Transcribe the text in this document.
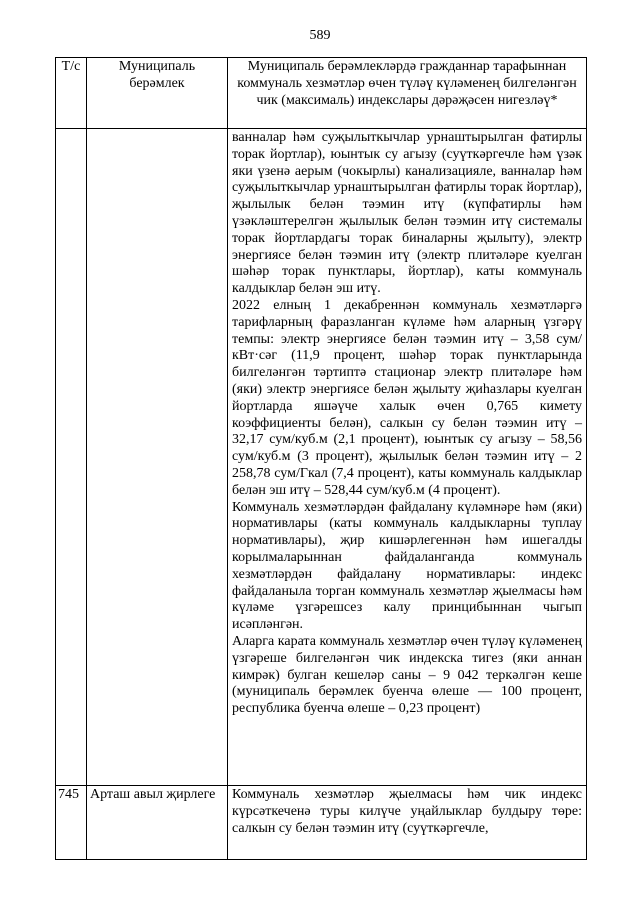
589
Т/с	Муниципаль берәмлек	Муниципаль берәмлекләрдә гражданнар тарафыннан коммуналь хезмәтләр өчен түләү күләменең билгеләнгән чик (максималь) индекслары дәрәҗәсен нигезләү*

		ванналар һәм суҗылыткычлар урнаштырылган фатирлы торак йортлар), юынтык су агызу (суүткәргечле һәм үзәк яки үзенә аерым (чокырлы) канализацияле, ванналар һәм суҗылыткычлар урнаштырылган фатирлы торак йортлар), җылылык белән тәэмин итү (күпфатирлы һәм үзәкләштерелгән җылылык белән тәэмин итү системалы торак йортлардагы торак биналарны җылыту), электр энергиясе белән тәэмин итү (электр плитәләре куелган шәһәр торак пунктлары, йортлар), каты коммуналь калдыклар белән эш итү.

2022 елның 1 декабреннән коммуналь хезмәтләргә тарифларның фаразланган күләме һәм аларның үзгәрү темпы: электр энергиясе белән тәэмин итү – 3,58 сум/кВт·сәг (11,9 процент, шәһәр торак пунктларында билгеләнгән тәртиптә стационар электр плитәләре һәм (яки) электр энергиясе белән җылыту җиһазлары куелган йортларда яшәүче халык өчен 0,765 кимету коэффициенты белән), салкын су белән тәэмин итү – 32,17 сум/куб.м (2,1 процент), юынтык су агызу – 58,56 сум/куб.м (3 процент), җылылык белән тәэмин итү – 2 258,78 сум/Гкал (7,4 процент), каты коммуналь калдыклар белән эш итү – 528,44 сум/куб.м (4 процент).

Коммуналь хезмәтләрдән файдалану күләмнәре һәм (яки) нормативлары (каты коммуналь калдыкларны туплау нормативлары), җир кишәрлегеннән һәм ишегалды корылмаларыннан файдаланганда коммуналь хезмәтләрдән файдалану нормативлары: индекс файдаланыла торган коммуналь хезмәтләр җыелмасы һәм күләме үзгәрешсез калу принцибыннан чыгып исәпләнгән.

Аларга карата коммуналь хезмәтләр өчен түләү күләменең үзгәреше билгеләнгән чик индекска тигез (яки аннан кимрәк) булган кешеләр саны – 9 042 теркәлгән кеше (муниципаль берәмлек буенча өлеше — 100 процент, республика буенча өлеше – 0,23 процент)

745	Арташ авыл җирлеге	Коммуналь хезмәтләр җыелмасы һәм чик индекс күрсәткеченә туры килүче уңайлыклар булдыру төре: салкын су белән тәэмин итү (суүткәргечле,
